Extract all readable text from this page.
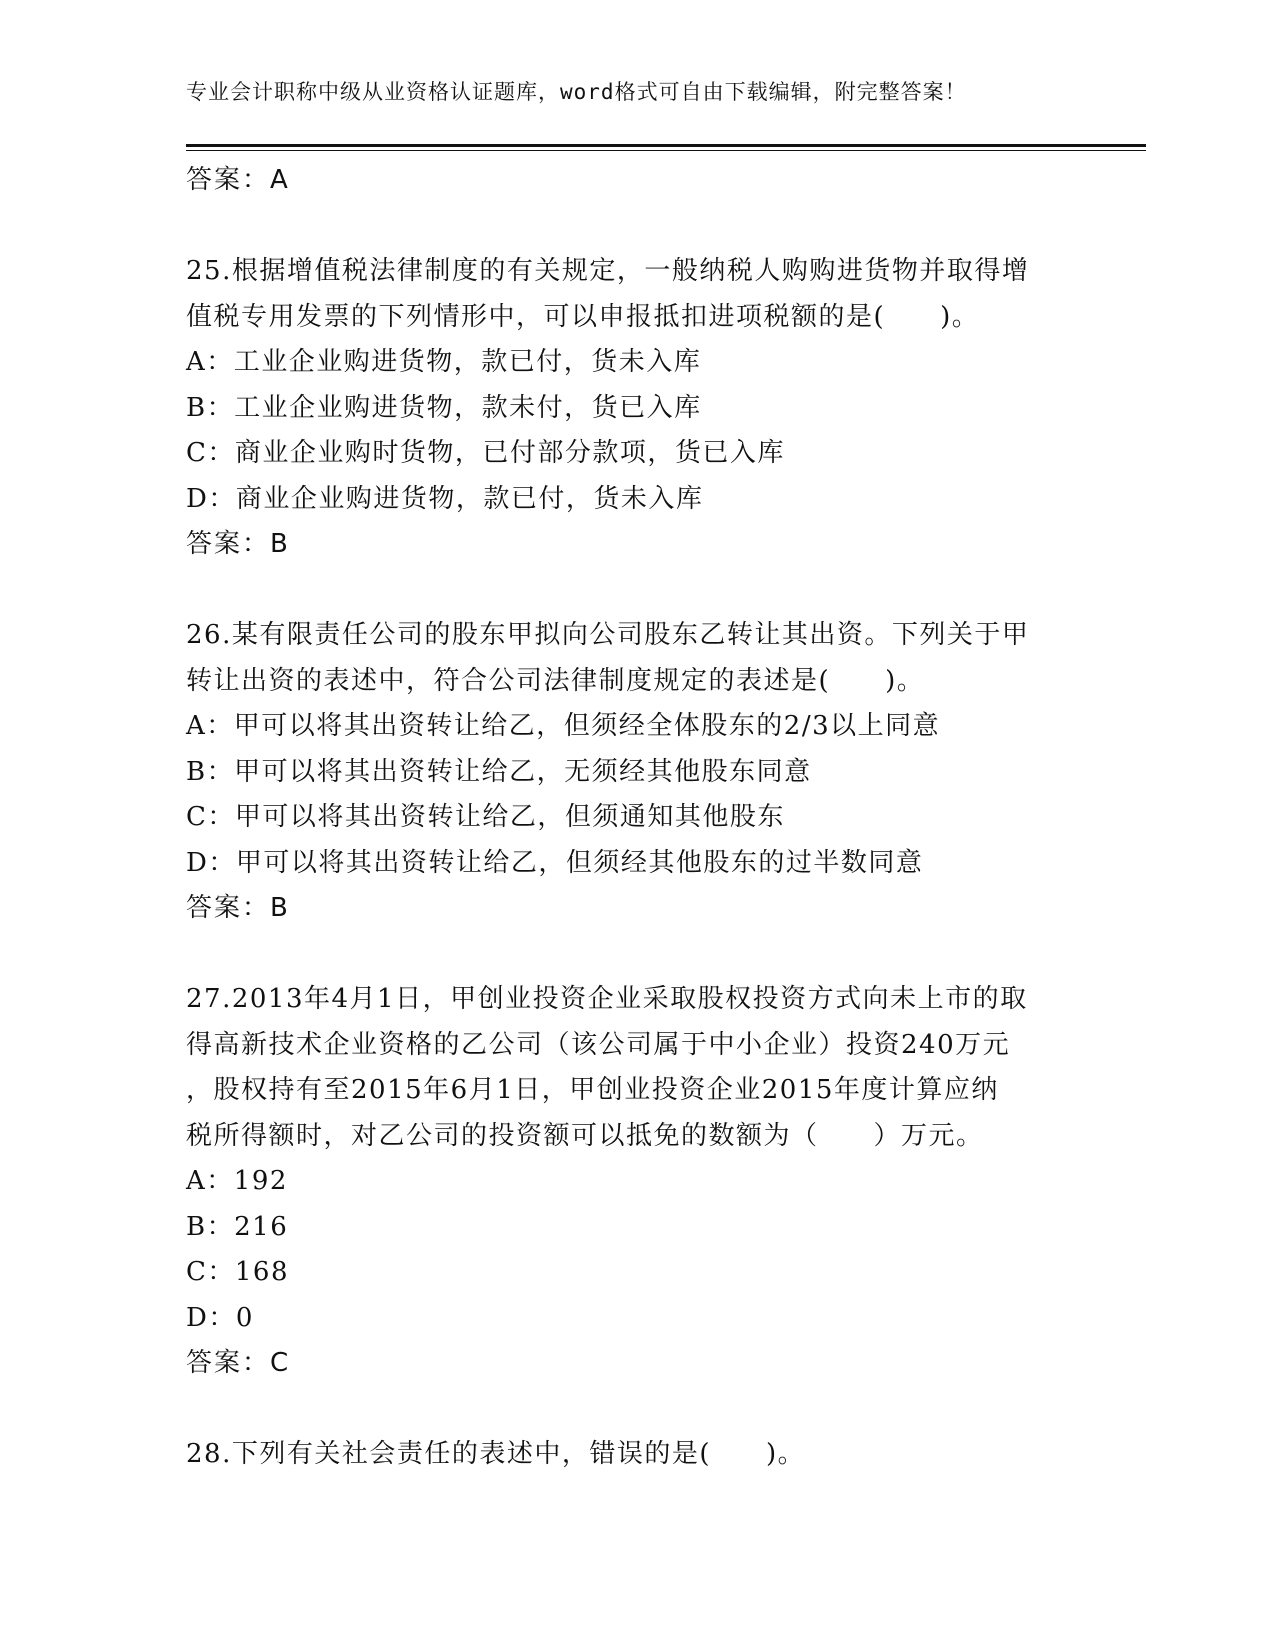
专业会计职称中级从业资格认证题库，word格式可自由下载编辑，附完整答案！
答案：A
25.根据增值税法律制度的有关规定，一般纳税人购购进货物并取得增
值税专用发票的下列情形中，可以申报抵扣进项税额的是(　　)。
A：工业企业购进货物，款已付，货未入库
B：工业企业购进货物，款未付，货已入库
C：商业企业购时货物，已付部分款项，货已入库
D：商业企业购进货物，款已付，货未入库
答案：B
26.某有限责任公司的股东甲拟向公司股东乙转让其出资。下列关于甲
转让出资的表述中，符合公司法律制度规定的表述是(　　)。
A：甲可以将其出资转让给乙，但须经全体股东的2/3以上同意
B：甲可以将其出资转让给乙，无须经其他股东同意
C：甲可以将其出资转让给乙，但须通知其他股东
D：甲可以将其出资转让给乙，但须经其他股东的过半数同意
答案：B
27.2013年4月1日，甲创业投资企业采取股权投资方式向未上市的取
得高新技术企业资格的乙公司（该公司属于中小企业）投资240万元
，股权持有至2015年6月1日，甲创业投资企业2015年度计算应纳
税所得额时，对乙公司的投资额可以抵免的数额为（　　）万元。
A：192
B：216
C：168
D：0
答案：C
28.下列有关社会责任的表述中，错误的是(　　)。
